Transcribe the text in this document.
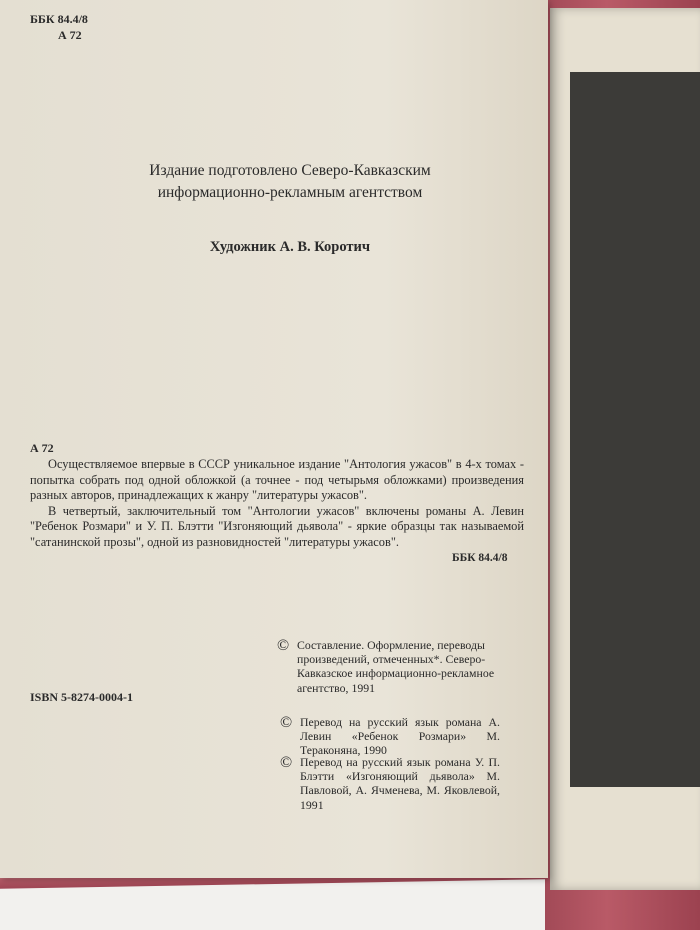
ББК 84.4/8
А 72
Издание подготовлено Северо-Кавказским
информационно-рекламным агентством
Художник А. В. Коротич
А 72

Осуществляемое впервые в СССР уникальное издание "Антология ужасов" в 4-х томах - попытка собрать под одной обложкой (а точнее - под четырьмя обложками) произведения разных авторов, принадлежащих к жанру "литературы ужасов".

В четвертый, заключительный том "Антологии ужасов" включены романы А. Левин "Ребенок Розмари" и У. П. Блэтти "Изгоняющий дьявола" - яркие образцы так называемой "сатанинской прозы", одной из разновидностей "литературы ужасов".

ББК 84.4/8
ISBN 5-8274-0004-1
© Составление. Оформление, переводы произведений, отмеченных*. Северо-Кавказское информационно-рекламное агентство, 1991
© Перевод на русский язык романа А. Левин «Ребенок Розмари» М. Тераконяна, 1990
© Перевод на русский язык романа У. П. Блэтти «Изгоняющий дьявола» М. Павловой, А. Ячменева, М. Яковлевой, 1991
